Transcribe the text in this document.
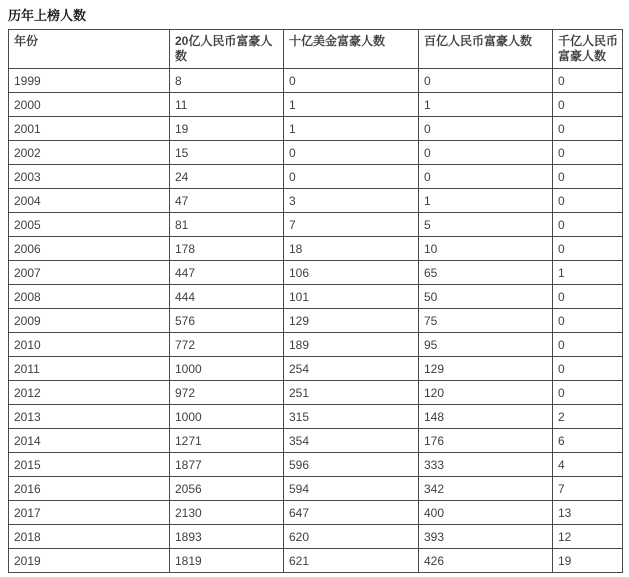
历年上榜人数
年份	20亿人民币富豪人数	十亿美金富豪人数	百亿人民币富豪人数	千亿人民币富豪人数
1999	8	0	0	0
2000	11	1	1	0
2001	19	1	0	0
2002	15	0	0	0
2003	24	0	0	0
2004	47	3	1	0
2005	81	7	5	0
2006	178	18	10	0
2007	447	106	65	1
2008	444	101	50	0
2009	576	129	75	0
2010	772	189	95	0
2011	1000	254	129	0
2012	972	251	120	0
2013	1000	315	148	2
2014	1271	354	176	6
2015	1877	596	333	4
2016	2056	594	342	7
2017	2130	647	400	13
2018	1893	620	393	12
2019	1819	621	426	19
